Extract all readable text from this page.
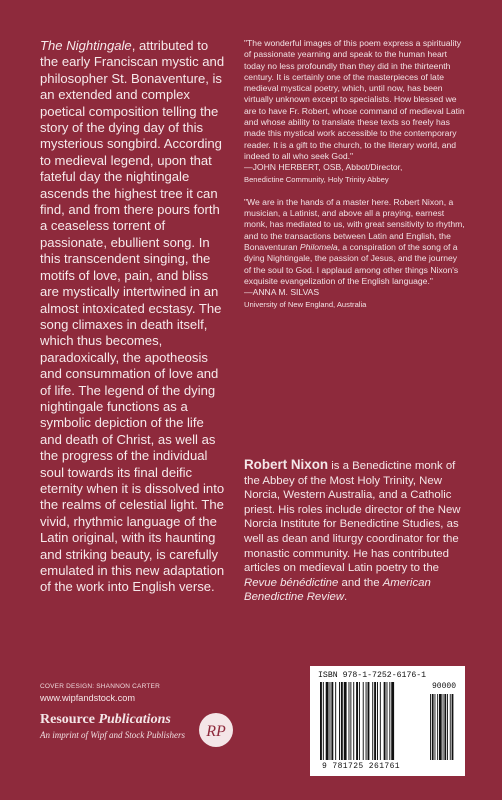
The Nightingale, attributed to the early Franciscan mystic and philosopher St. Bonaventure, is an extended and complex poetical composition telling the story of the dying day of this mysterious songbird. According to medieval legend, upon that fateful day the nightingale ascends the highest tree it can find, and from there pours forth a ceaseless torrent of passionate, ebullient song. In this transcendent singing, the motifs of love, pain, and bliss are mystically intertwined in an almost intoxicated ecstasy. The song climaxes in death itself, which thus becomes, paradoxically, the apotheosis and consummation of love and of life. The legend of the dying nightingale functions as a symbolic depiction of the life and death of Christ, as well as the progress of the individual soul towards its final deific eternity when it is dissolved into the realms of celestial light. The vivid, rhythmic language of the Latin original, with its haunting and striking beauty, is carefully emulated in this new adaptation of the work into English verse.

"The wonderful images of this poem express a spirituality of passionate yearning and speak to the human heart today no less profoundly than they did in the thirteenth century. It is certainly one of the masterpieces of late medieval mystical poetry, which, until now, has been virtually unknown except to specialists. How blessed we are to have Fr. Robert, whose command of medieval Latin and whose ability to translate these texts so freely has made this mystical work accessible to the contemporary reader. It is a gift to the church, to the literary world, and indeed to all who seek God."

—JOHN HERBERT, OSB, Abbot/Director,

Benedictine Community, Holy Trinity Abbey

"We are in the hands of a master here. Robert Nixon, a musician, a Latinist, and above all a praying, earnest monk, has mediated to us, with great sensitivity to rhythm, and to the transactions between Latin and English, the Bonaventuran Philomela, a conspiration of the song of a dying Nightingale, the passion of Jesus, and the journey of the soul to God. I applaud among other things Nixon's exquisite evangelization of the English language."

—ANNA M. SILVAS

University of New England, Australia

Robert Nixon is a Benedictine monk of the Abbey of the Most Holy Trinity, New Norcia, Western Australia, and a Catholic priest. His roles include director of the New Norcia Institute for Benedictine Studies, as well as dean and liturgy coordinator for the monastic community. He has contributed articles on medieval Latin poetry to the Revue bénédictine and the American Benedictine Review.
COVER DESIGN: SHANNON CARTER
www.wipfandstock.com
Resource Publications
An imprint of Wipf and Stock Publishers RP
ISBN 978-1-7252-6176-1
90000
9 781725 261761
